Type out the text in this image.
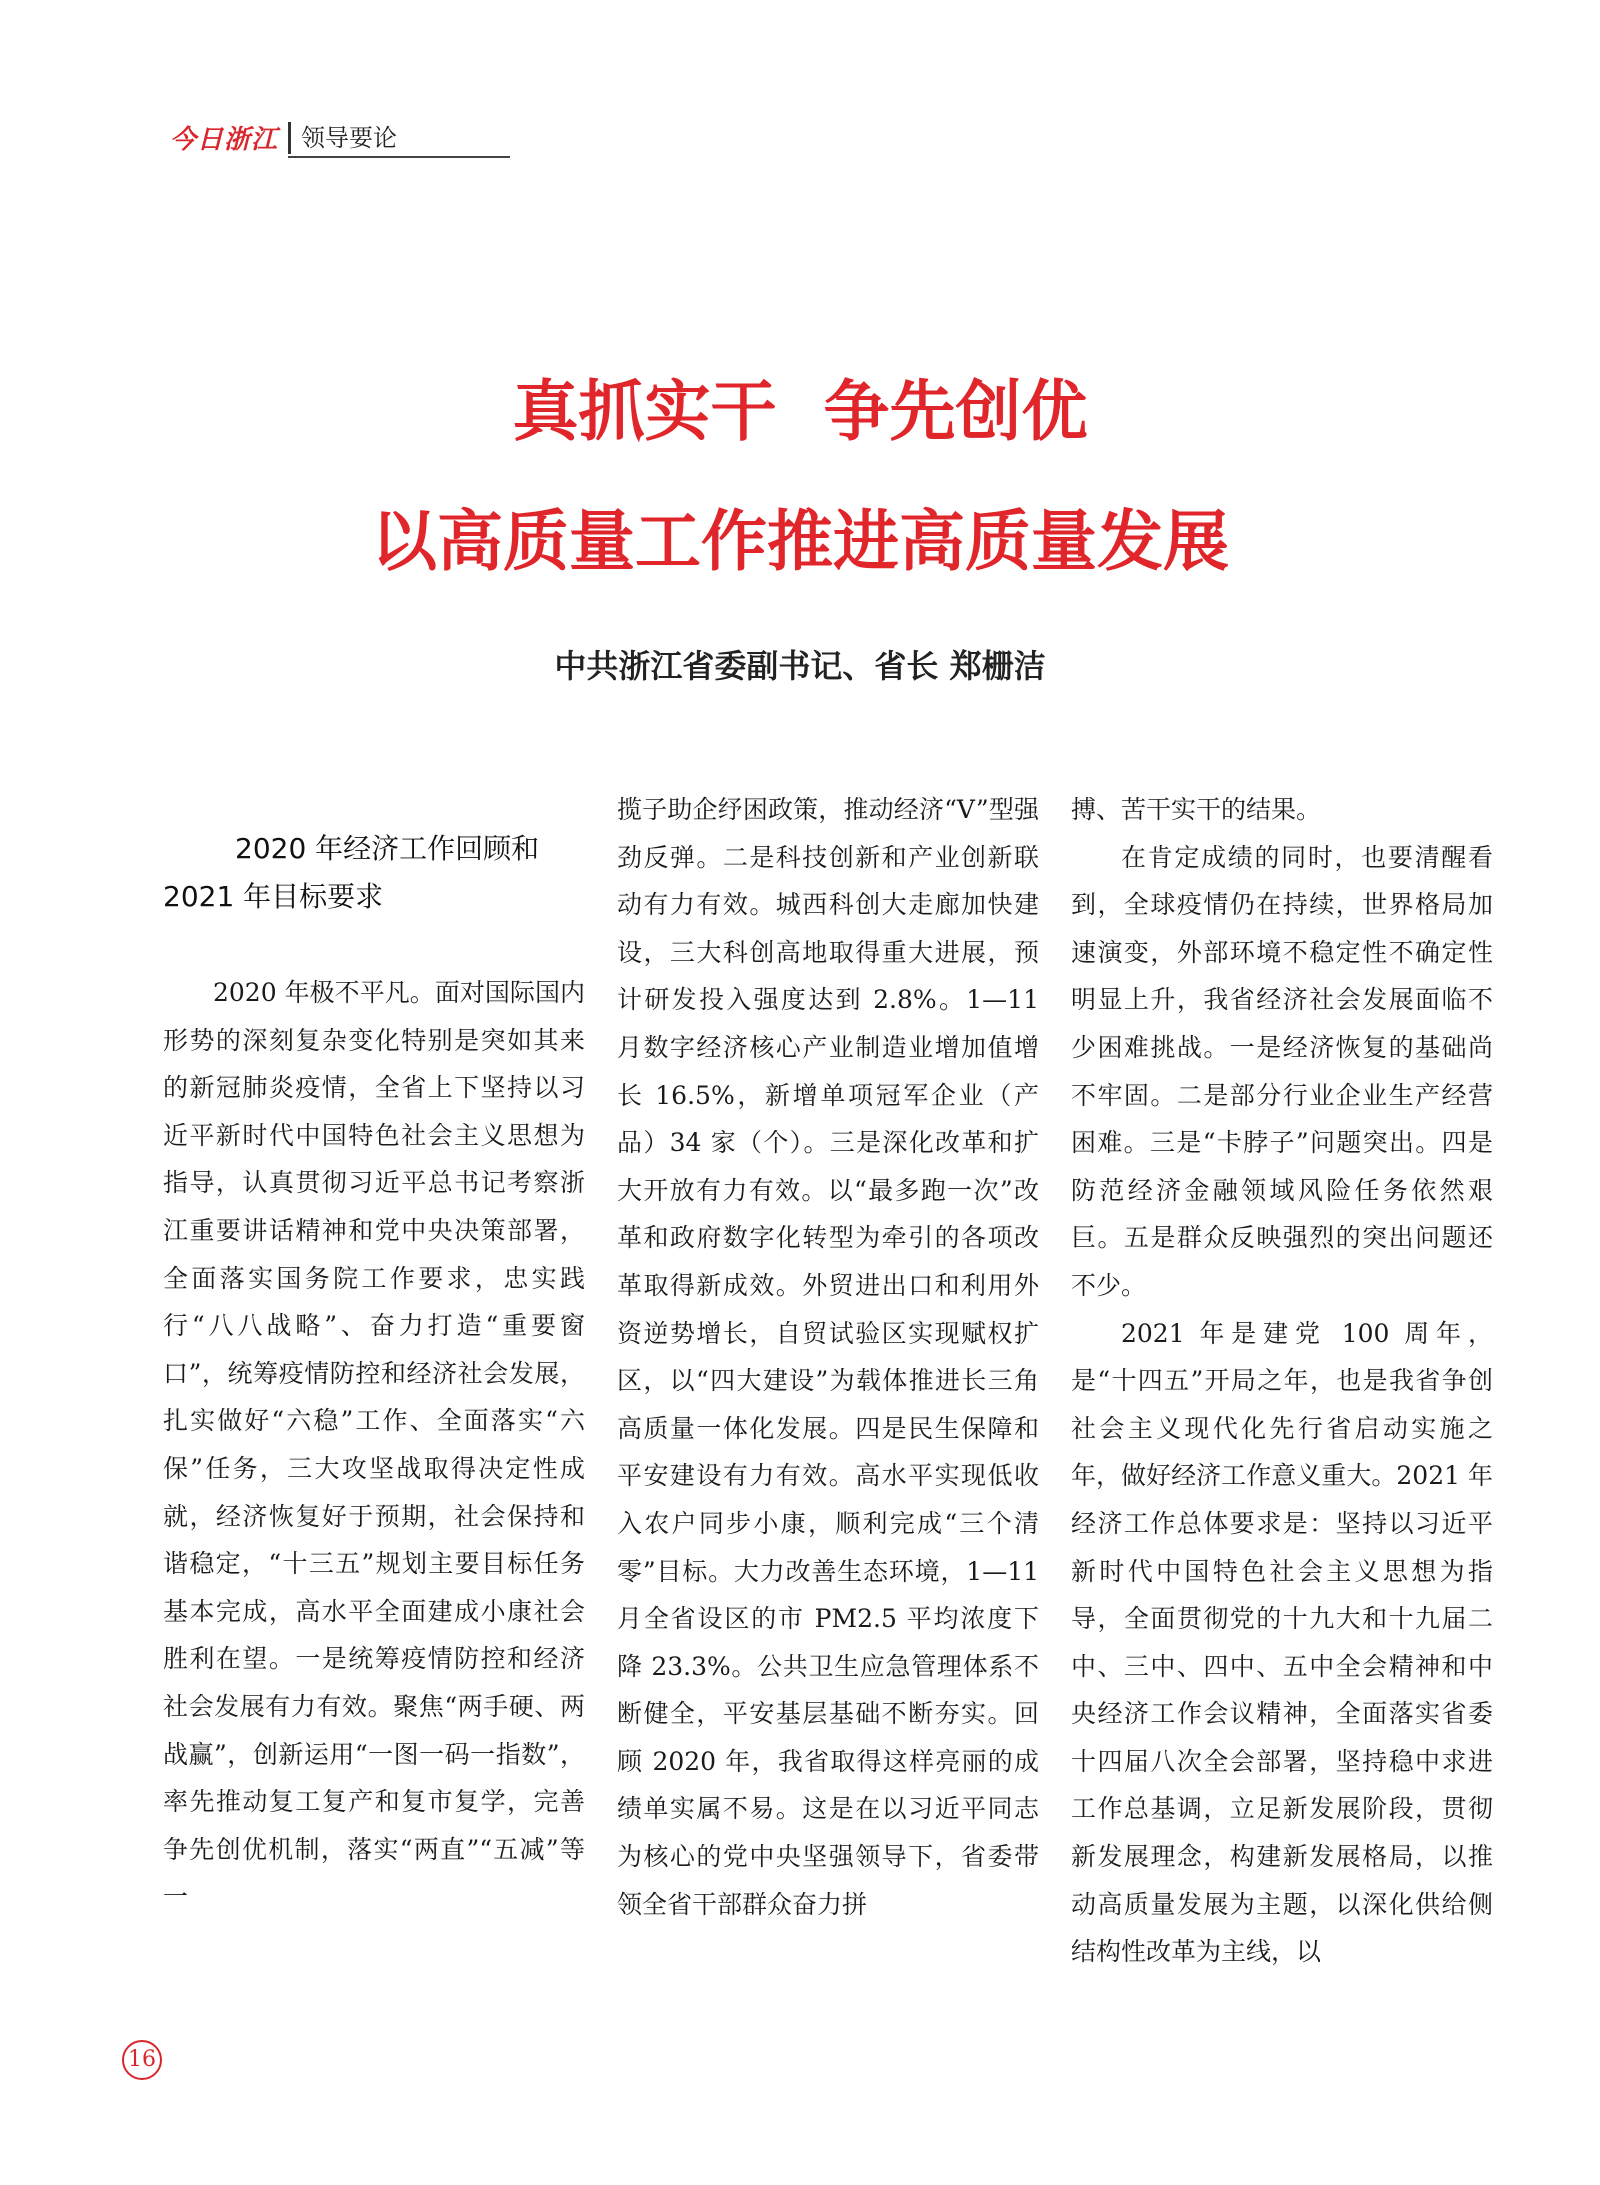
今日浙江 领导要论
真抓实干 争先创优
以高质量工作推进高质量发展
中共浙江省委副书记、省长 郑栅洁
2020 年经济工作回顾和
2021 年目标要求

2020 年极不平凡。面对国际国内形势的深刻复杂变化特别是突如其来的新冠肺炎疫情，全省上下坚持以习近平新时代中国特色社会主义思想为指导，认真贯彻习近平总书记考察浙江重要讲话精神和党中央决策部署，全面落实国务院工作要求，忠实践行“八八战略”、奋力打造“重要窗口”，统筹疫情防控和经济社会发展，扎实做好“六稳”工作、全面落实“六保”任务，三大攻坚战取得决定性成就，经济恢复好于预期，社会保持和谐稳定，“十三五”规划主要目标任务基本完成，高水平全面建成小康社会胜利在望。一是统筹疫情防控和经济社会发展有力有效。聚焦“两手硬、两战赢”，创新运用“一图一码一指数”，率先推动复工复产和复市复学，完善争先创优机制，落实“两直”“五减”等一

揽子助企纾困政策，推动经济“V”型强劲反弹。二是科技创新和产业创新联动有力有效。城西科创大走廊加快建设，三大科创高地取得重大进展，预计研发投入强度达到 2.8%。1—11 月数字经济核心产业制造业增加值增长 16.5%，新增单项冠军企业（产品）34 家（个）。三是深化改革和扩大开放有力有效。以“最多跑一次”改革和政府数字化转型为牵引的各项改革取得新成效。外贸进出口和利用外资逆势增长，自贸试验区实现赋权扩区，以“四大建设”为载体推进长三角高质量一体化发展。四是民生保障和平安建设有力有效。高水平实现低收入农户同步小康，顺利完成“三个清零”目标。大力改善生态环境，1—11 月全省设区的市 PM2.5 平均浓度下降 23.3%。公共卫生应急管理体系不断健全，平安基层基础不断夯实。回顾 2020 年，我省取得这样亮丽的成绩单实属不易。这是在以习近平同志为核心的党中央坚强领导下，省委带领全省干部群众奋力拼

搏、苦干实干的结果。

在肯定成绩的同时，也要清醒看到，全球疫情仍在持续，世界格局加速演变，外部环境不稳定性不确定性明显上升，我省经济社会发展面临不少困难挑战。一是经济恢复的基础尚不牢固。二是部分行业企业生产经营困难。三是“卡脖子”问题突出。四是防范经济金融领域风险任务依然艰巨。五是群众反映强烈的突出问题还不少。

2021 年是建党 100 周年，是“十四五”开局之年，也是我省争创社会主义现代化先行省启动实施之年，做好经济工作意义重大。2021 年经济工作总体要求是：坚持以习近平新时代中国特色社会主义思想为指导，全面贯彻党的十九大和十九届二中、三中、四中、五中全会精神和中央经济工作会议精神，全面落实省委十四届八次全会部署，坚持稳中求进工作总基调，立足新发展阶段，贯彻新发展理念，构建新发展格局，以推动高质量发展为主题，以深化供给侧结构性改革为主线，以

16
